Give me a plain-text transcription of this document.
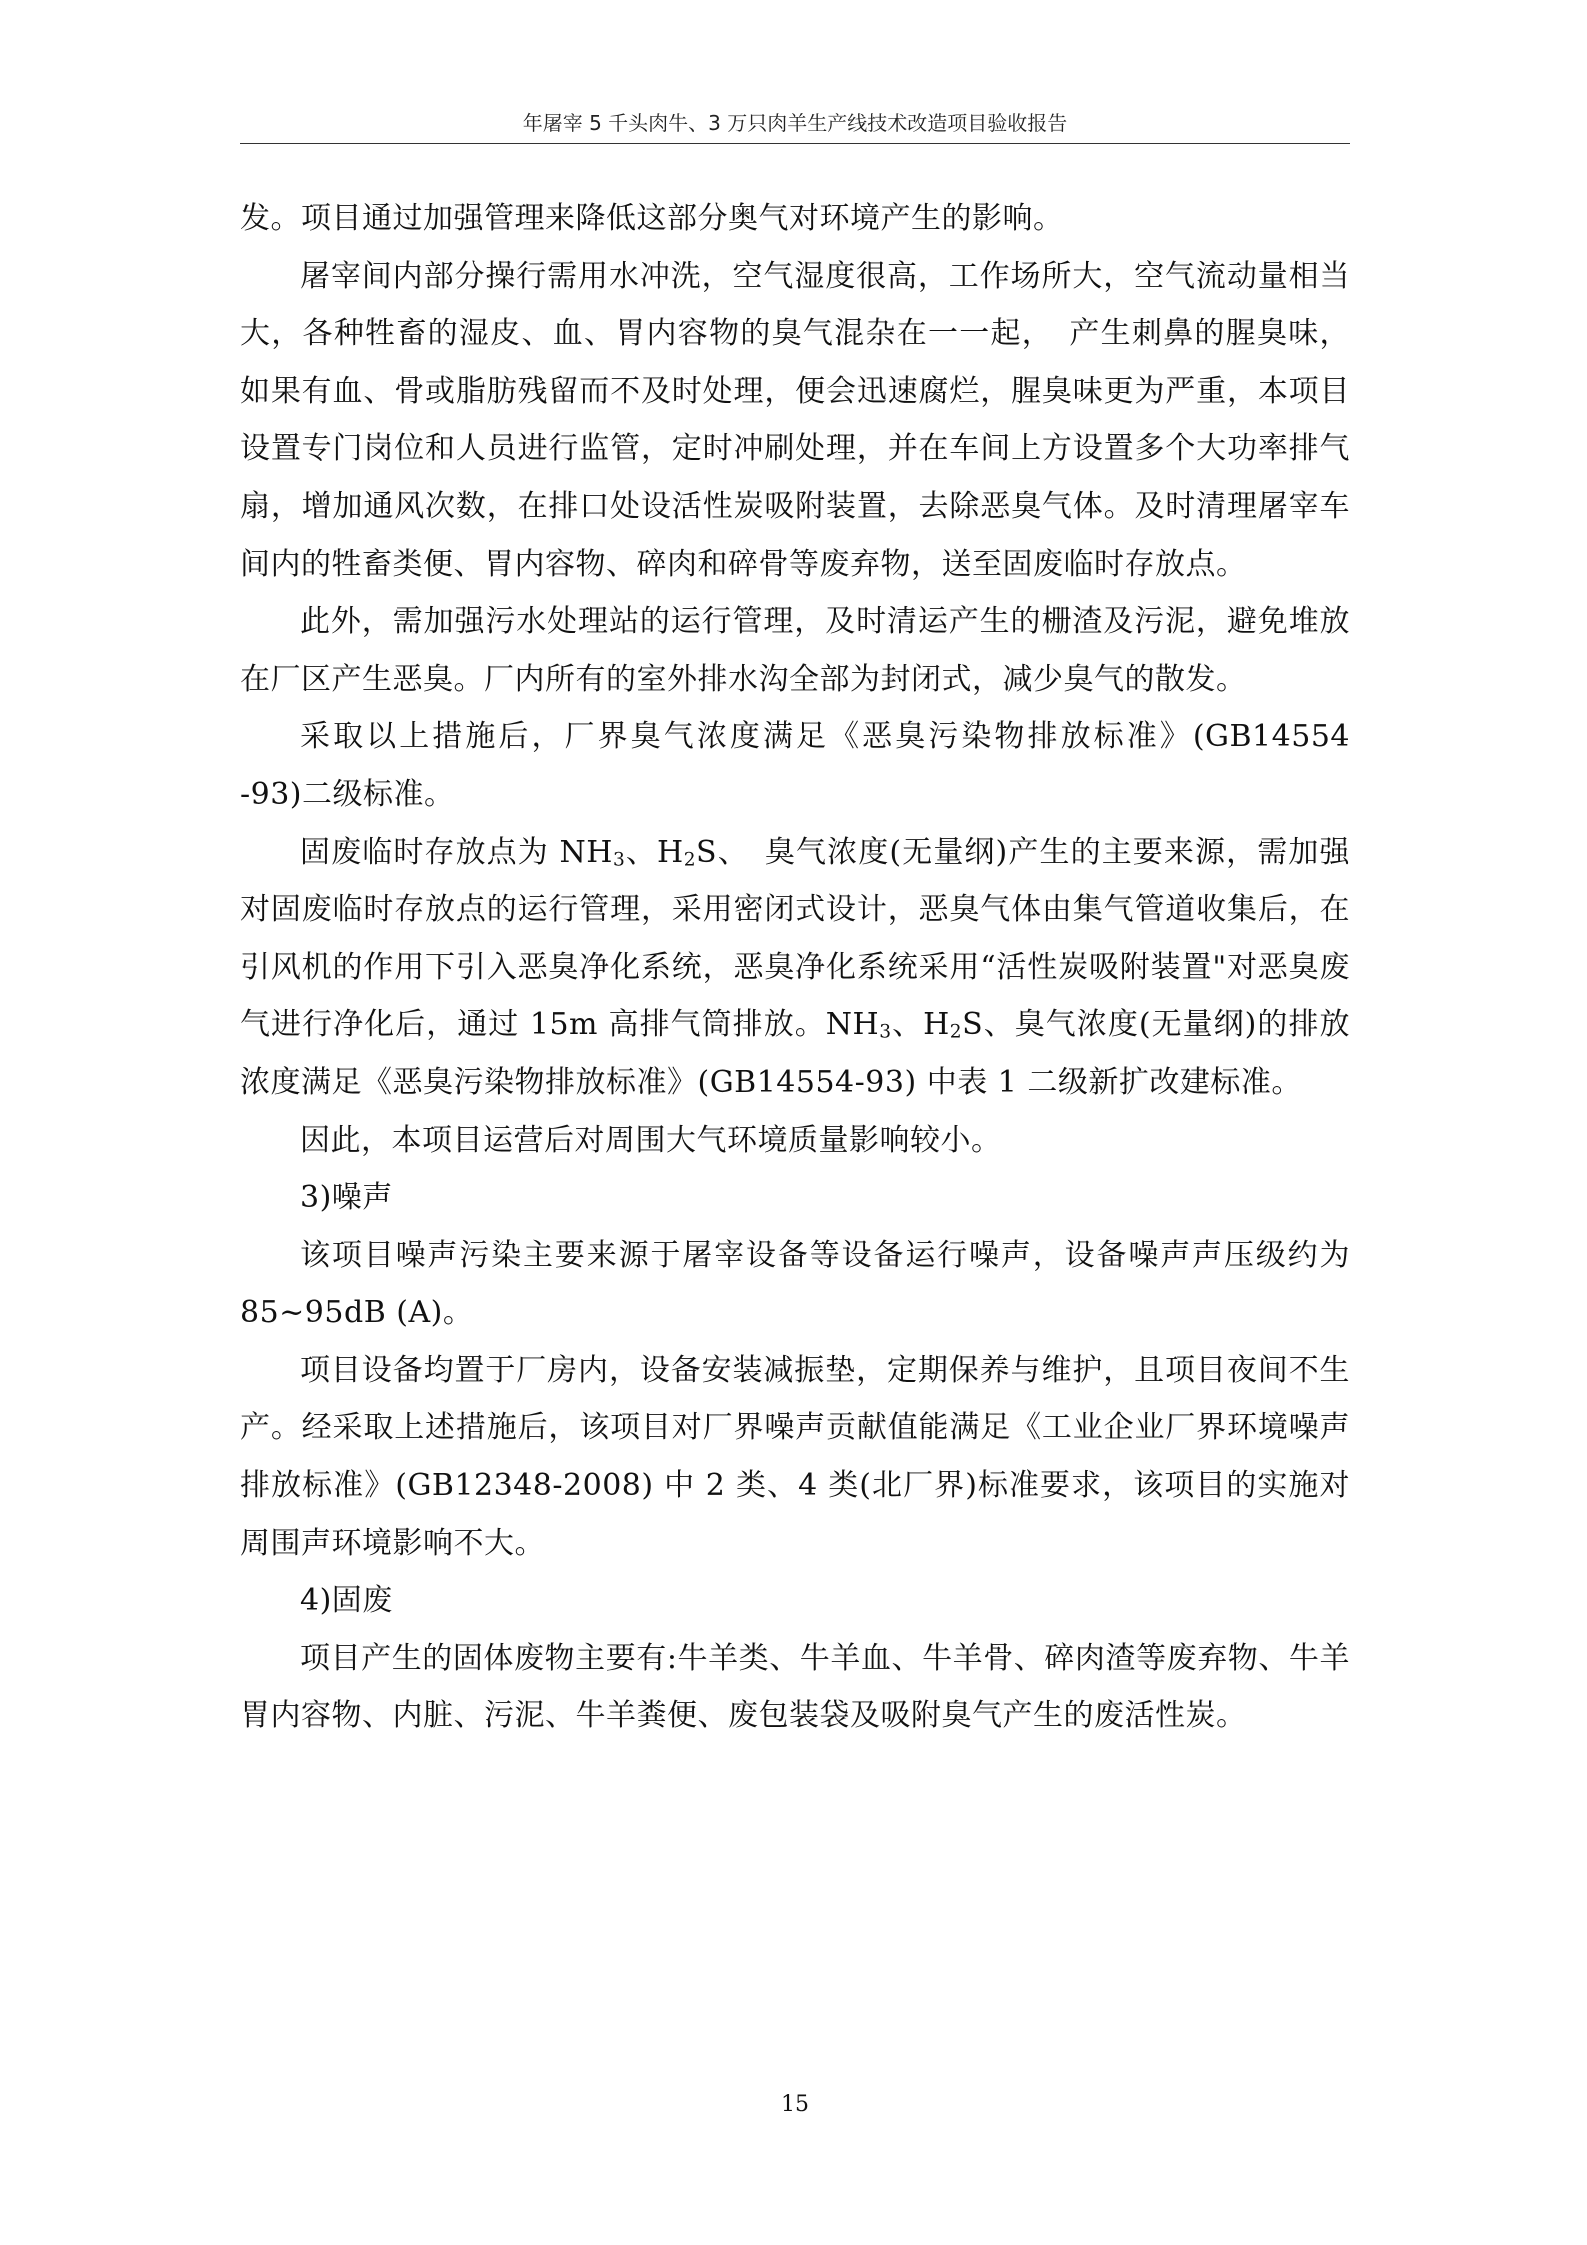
年屠宰 5 千头肉牛、3 万只肉羊生产线技术改造项目验收报告

发。项目通过加强管理来降低这部分奥气对环境产生的影响。

屠宰间内部分操行需用水冲洗，空气湿度很高，工作场所大，空气流动量相当大，各种牲畜的湿皮、血、胃内容物的臭气混杂在一一起，　产生刺鼻的腥臭味，如果有血、骨或脂肪残留而不及时处理，便会迅速腐烂，腥臭味更为严重，本项目设置专门岗位和人员进行监管，定时冲刷处理，并在车间上方设置多个大功率排气扇，增加通风次数，在排口处设活性炭吸附装置，去除恶臭气体。及时清理屠宰车间内的牲畜类便、胃内容物、碎肉和碎骨等废弃物，送至固废临时存放点。

此外，需加强污水处理站的运行管理，及时清运产生的栅渣及污泥，避免堆放在厂区产生恶臭。厂内所有的室外排水沟全部为封闭式，减少臭气的散发。

采取以上措施后，厂界臭气浓度满足《恶臭污染物排放标准》(GB14554 -93)二级标准。

固废临时存放点为 $NH_3$、$H_2S$、　臭气浓度(无量纲)产生的主要来源，需加强对固废临时存放点的运行管理，采用密闭式设计，恶臭气体由集气管道收集后，在引风机的作用下引入恶臭净化系统，恶臭净化系统采用“活性炭吸附装置"对恶臭废气进行净化后，通过 15m 高排气筒排放。$NH_3$、$H_2S$、臭气浓度(无量纲)的排放浓度满足《恶臭污染物排放标准》(GB14554-93) 中表 1 二级新扩改建标准。

因此，本项目运营后对周围大气环境质量影响较小。

3)噪声

该项目噪声污染主要来源于屠宰设备等设备运行噪声，设备噪声声压级约为 85~95dB (A)。

项目设备均置于厂房内，设备安装减振垫，定期保养与维护，且项目夜间不生产。经采取上述措施后，该项目对厂界噪声贡献值能满足《工业企业厂界环境噪声排放标准》(GB12348-2008) 中 2 类、4 类(北厂界)标准要求，该项目的实施对周围声环境影响不大。

4)固废

项目产生的固体废物主要有:牛羊类、牛羊血、牛羊骨、碎肉渣等废弃物、牛羊胃内容物、内脏、污泥、牛羊粪便、废包装袋及吸附臭气产生的废活性炭。

15
